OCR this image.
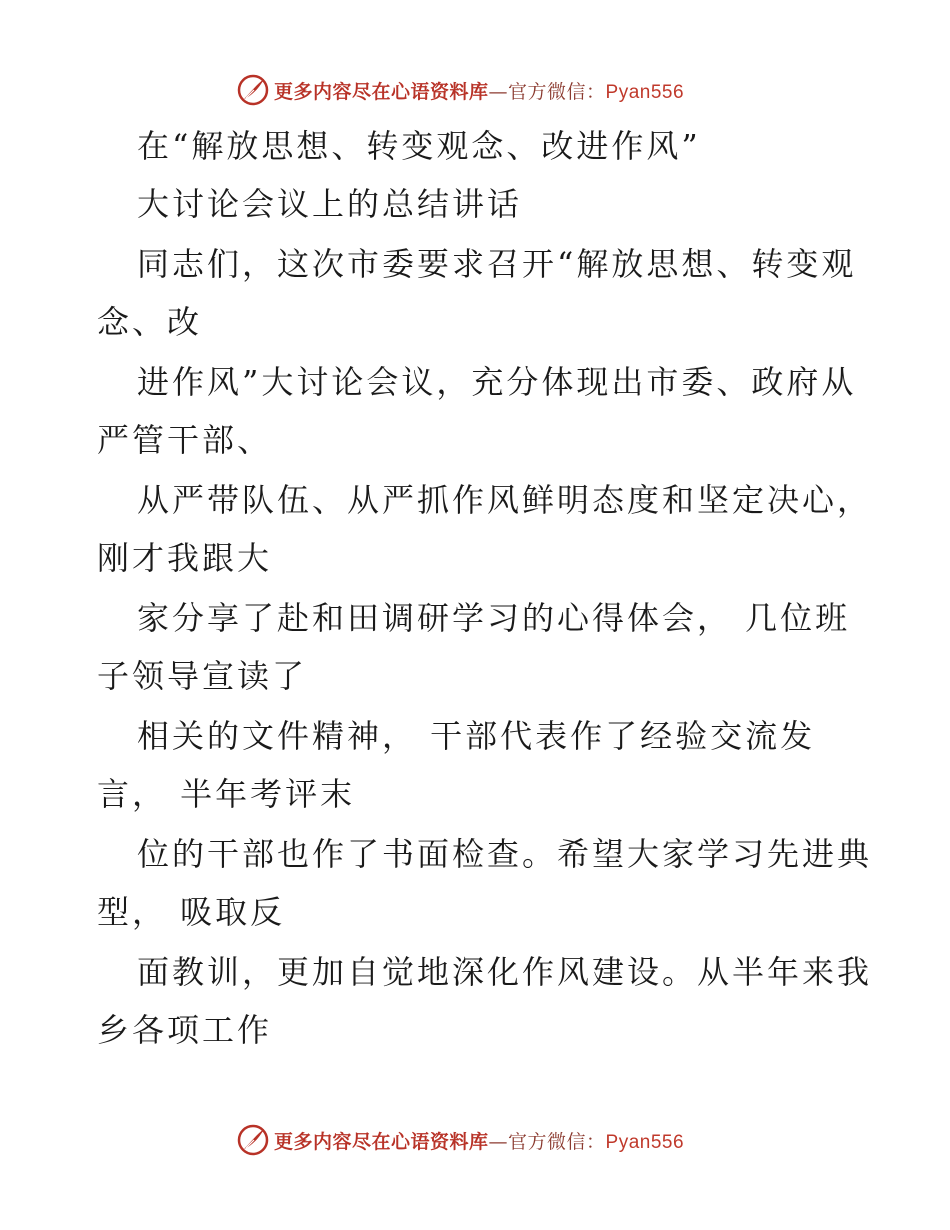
更多内容尽在心语资料库—官方微信：Pyan556
在“解放思想、转变观念、改进作风”
大讨论会议上的总结讲话
同志们，这次市委要求召开“解放思想、转变观
念、改
进作风”大讨论会议，充分体现出市委、政府从
严管干部、
从严带队伍、从严抓作风鲜明态度和坚定决心，
刚才我跟大
家分享了赴和田调研学习的心得体会， 几位班
子领导宣读了
相关的文件精神， 干部代表作了经验交流发
言， 半年考评末
位的干部也作了书面检查。希望大家学习先进典
型， 吸取反
面教训，更加自觉地深化作风建设。从半年来我
乡各项工作
更多内容尽在心语资料库—官方微信：Pyan556
